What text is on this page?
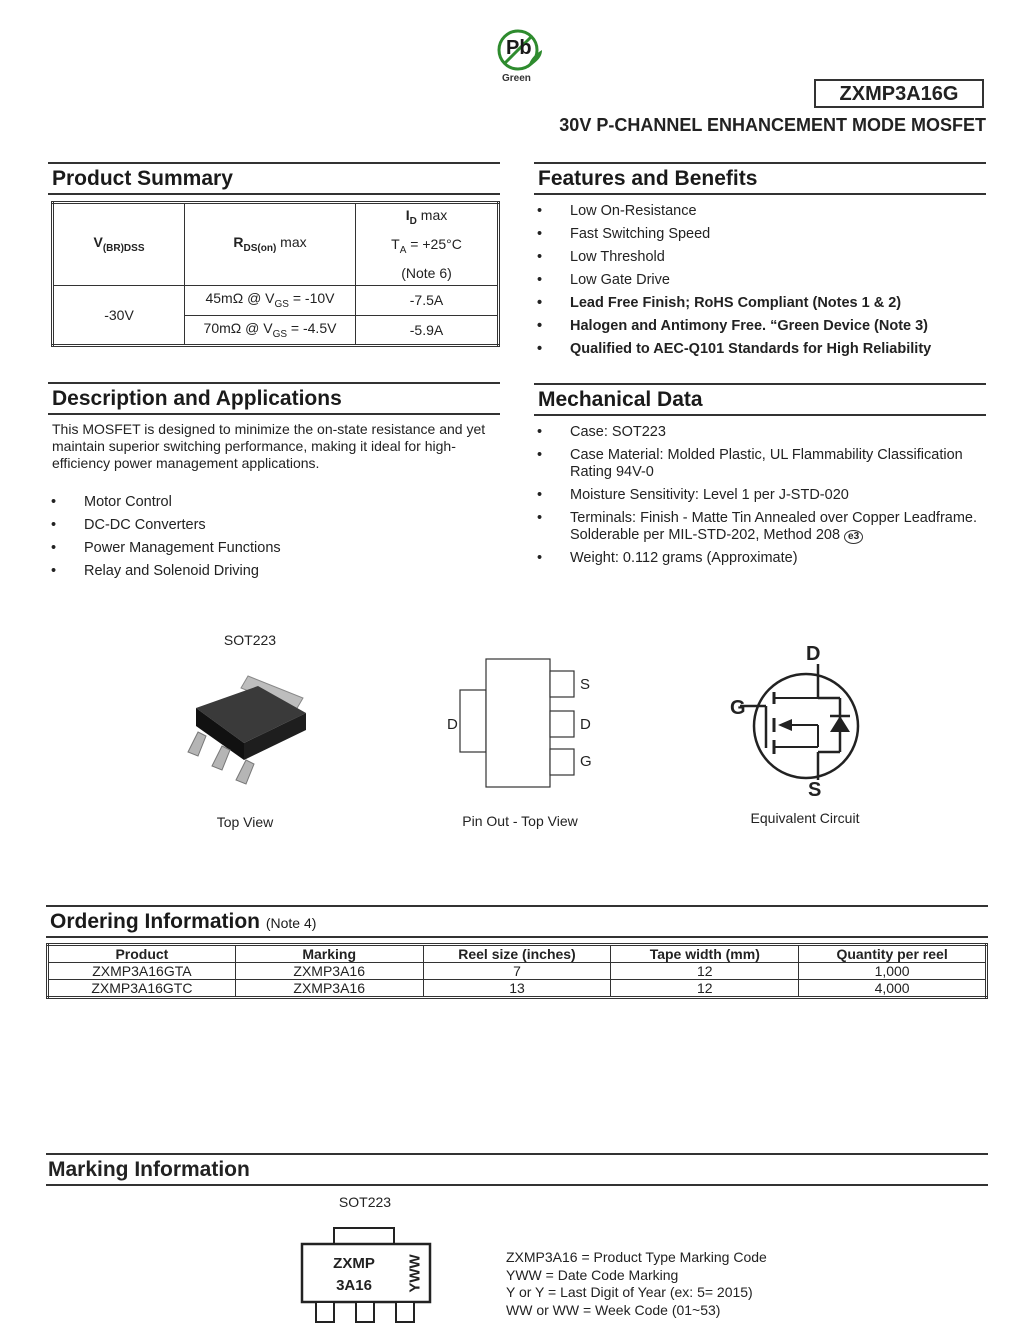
Pb
Green
ZXMP3A16G
30V P-CHANNEL ENHANCEMENT MODE MOSFET
Product Summary
$V_{(BR)DSS}$	$R_{DS(on)}$ max	$I_D$ max
$T_A = +25^\circ C$
(Note 6)

-30V	45mΩ @ $V_{GS} = -10V$	-7.5A
	70mΩ @ $V_{GS} = -4.5V$	-5.9A
Features and Benefits
• Low On-Resistance
• Fast Switching Speed
• Low Threshold
• Low Gate Drive
• Lead Free Finish; RoHS Compliant (Notes 1 & 2)
• Halogen and Antimony Free. “Green Device (Note 3)
• Qualified to AEC-Q101 Standards for High Reliability
Description and Applications
This MOSFET is designed to minimize the on-state resistance and yet maintain superior switching performance, making it ideal for high-efficiency power management applications.
• Motor Control
• DC-DC Converters
• Power Management Functions
• Relay and Solenoid Driving
Mechanical Data
• Case: SOT223
• Case Material: Molded Plastic, UL Flammability Classification Rating 94V-0
• Moisture Sensitivity: Level 1 per J-STD-020
• Terminals: Finish - Matte Tin Annealed over Copper Leadframe. Solderable per MIL-STD-202, Method 208 e3
• Weight: 0.112 grams (Approximate)
SOT223
Top View
D
S
D
G
Pin Out - Top View
D
G
S
Equivalent Circuit
Ordering Information (Note 4)
Product	Marking	Reel size (inches)	Tape width (mm)	Quantity per reel
ZXMP3A16GTA	ZXMP3A16	7	12	1,000
ZXMP3A16GTC	ZXMP3A16	13	12	4,000
Marking Information
SOT223
ZXMP
3A16	YWW	ZXMP3A16 = Product Type Marking Code
YWW = Date Code Marking
Y or Y = Last Digit of Year (ex: 5= 2015)
WW or WW = Week Code (01~53)
